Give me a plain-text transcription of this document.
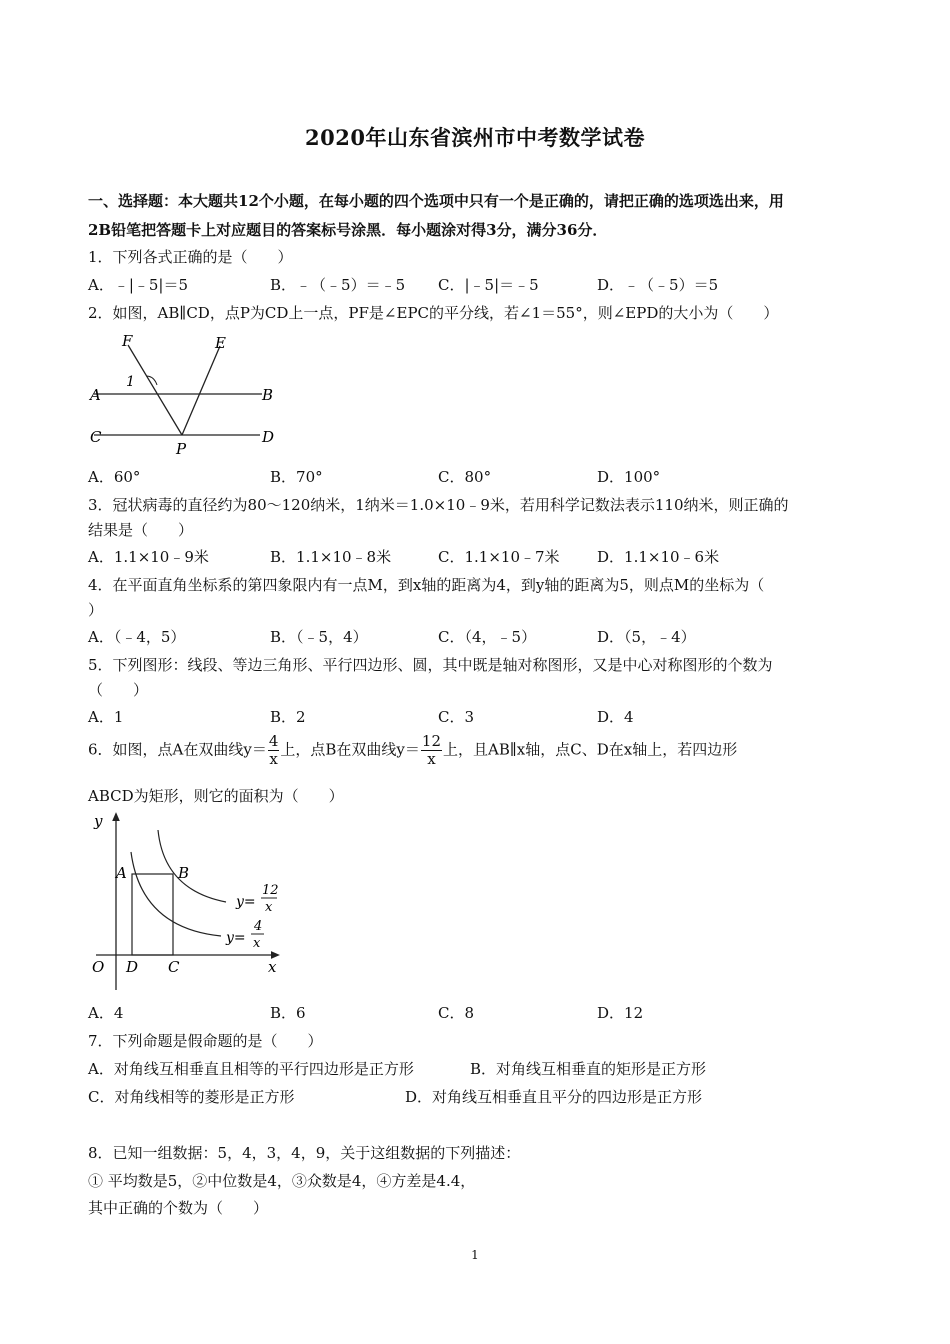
2020年山东省滨州市中考数学试卷
一、选择题：本大题共12个小题，在每小题的四个选项中只有一个是正确的，请把正确的选项选出来，用
2B铅笔把答题卡上对应题目的答案标号涂黑．每小题涂对得3分，满分36分．
1．下列各式正确的是（　　）
A．﹣|﹣5|＝5	B．﹣（﹣5）＝﹣5 C．|﹣5|＝﹣5	D．﹣（﹣5）＝5
2．如图，AB∥CD，点P为CD上一点，PF是∠EPC的平分线，若∠1＝55°，则∠EPD的大小为（　　）
F	E
1
A	B
C	D
P
A．60°	B．70°	C．80°	D．100°
3．冠状病毒的直径约为80～120纳米，1纳米＝1.0×10﹣9米，若用科学记数法表示110纳米，则正确的
结果是（　　）
A．1.1×10﹣9米	B．1.1×10﹣8米	C．1.1×10﹣7米 D．1.1×10﹣6米
4．在平面直角坐标系的第四象限内有一点M，到x轴的距离为4，到y轴的距离为5，则点M的坐标为（
）
A．（﹣4，5）	B．（﹣5，4）	C．（4，﹣5）	D．（5，﹣4）
5．下列图形：线段、等边三角形、平行四边形、圆，其中既是轴对称图形，又是中心对称图形的个数为
（　　）
A．1	B．2	C．3	D．4
6．如图，点A在双曲线$y= \frac{4}{x}$ 上，点B在双曲线$y= \frac{12}{x}$ 上，且AB∥x轴，点C、D在x轴上，若四边形
ABCD为矩形，则它的面积为（　　）
y
x
O
A	B
D C
y=
12
x
y=
4
x
A．4	B．6	C．8	D．12
7．下列命题是假命题的是（　　）
A．对角线互相垂直且相等的平行四边形是正方形	B．对角线互相垂直的矩形是正方形
C．对角线相等的菱形是正方形	D．对角线互相垂直且平分的四边形是正方形
8．已知一组数据：5，4，3，4，9，关于这组数据的下列描述：
① 平均数是5，②中位数是4，③众数是4，④方差是4.4，
其中正确的个数为（　　）
1
